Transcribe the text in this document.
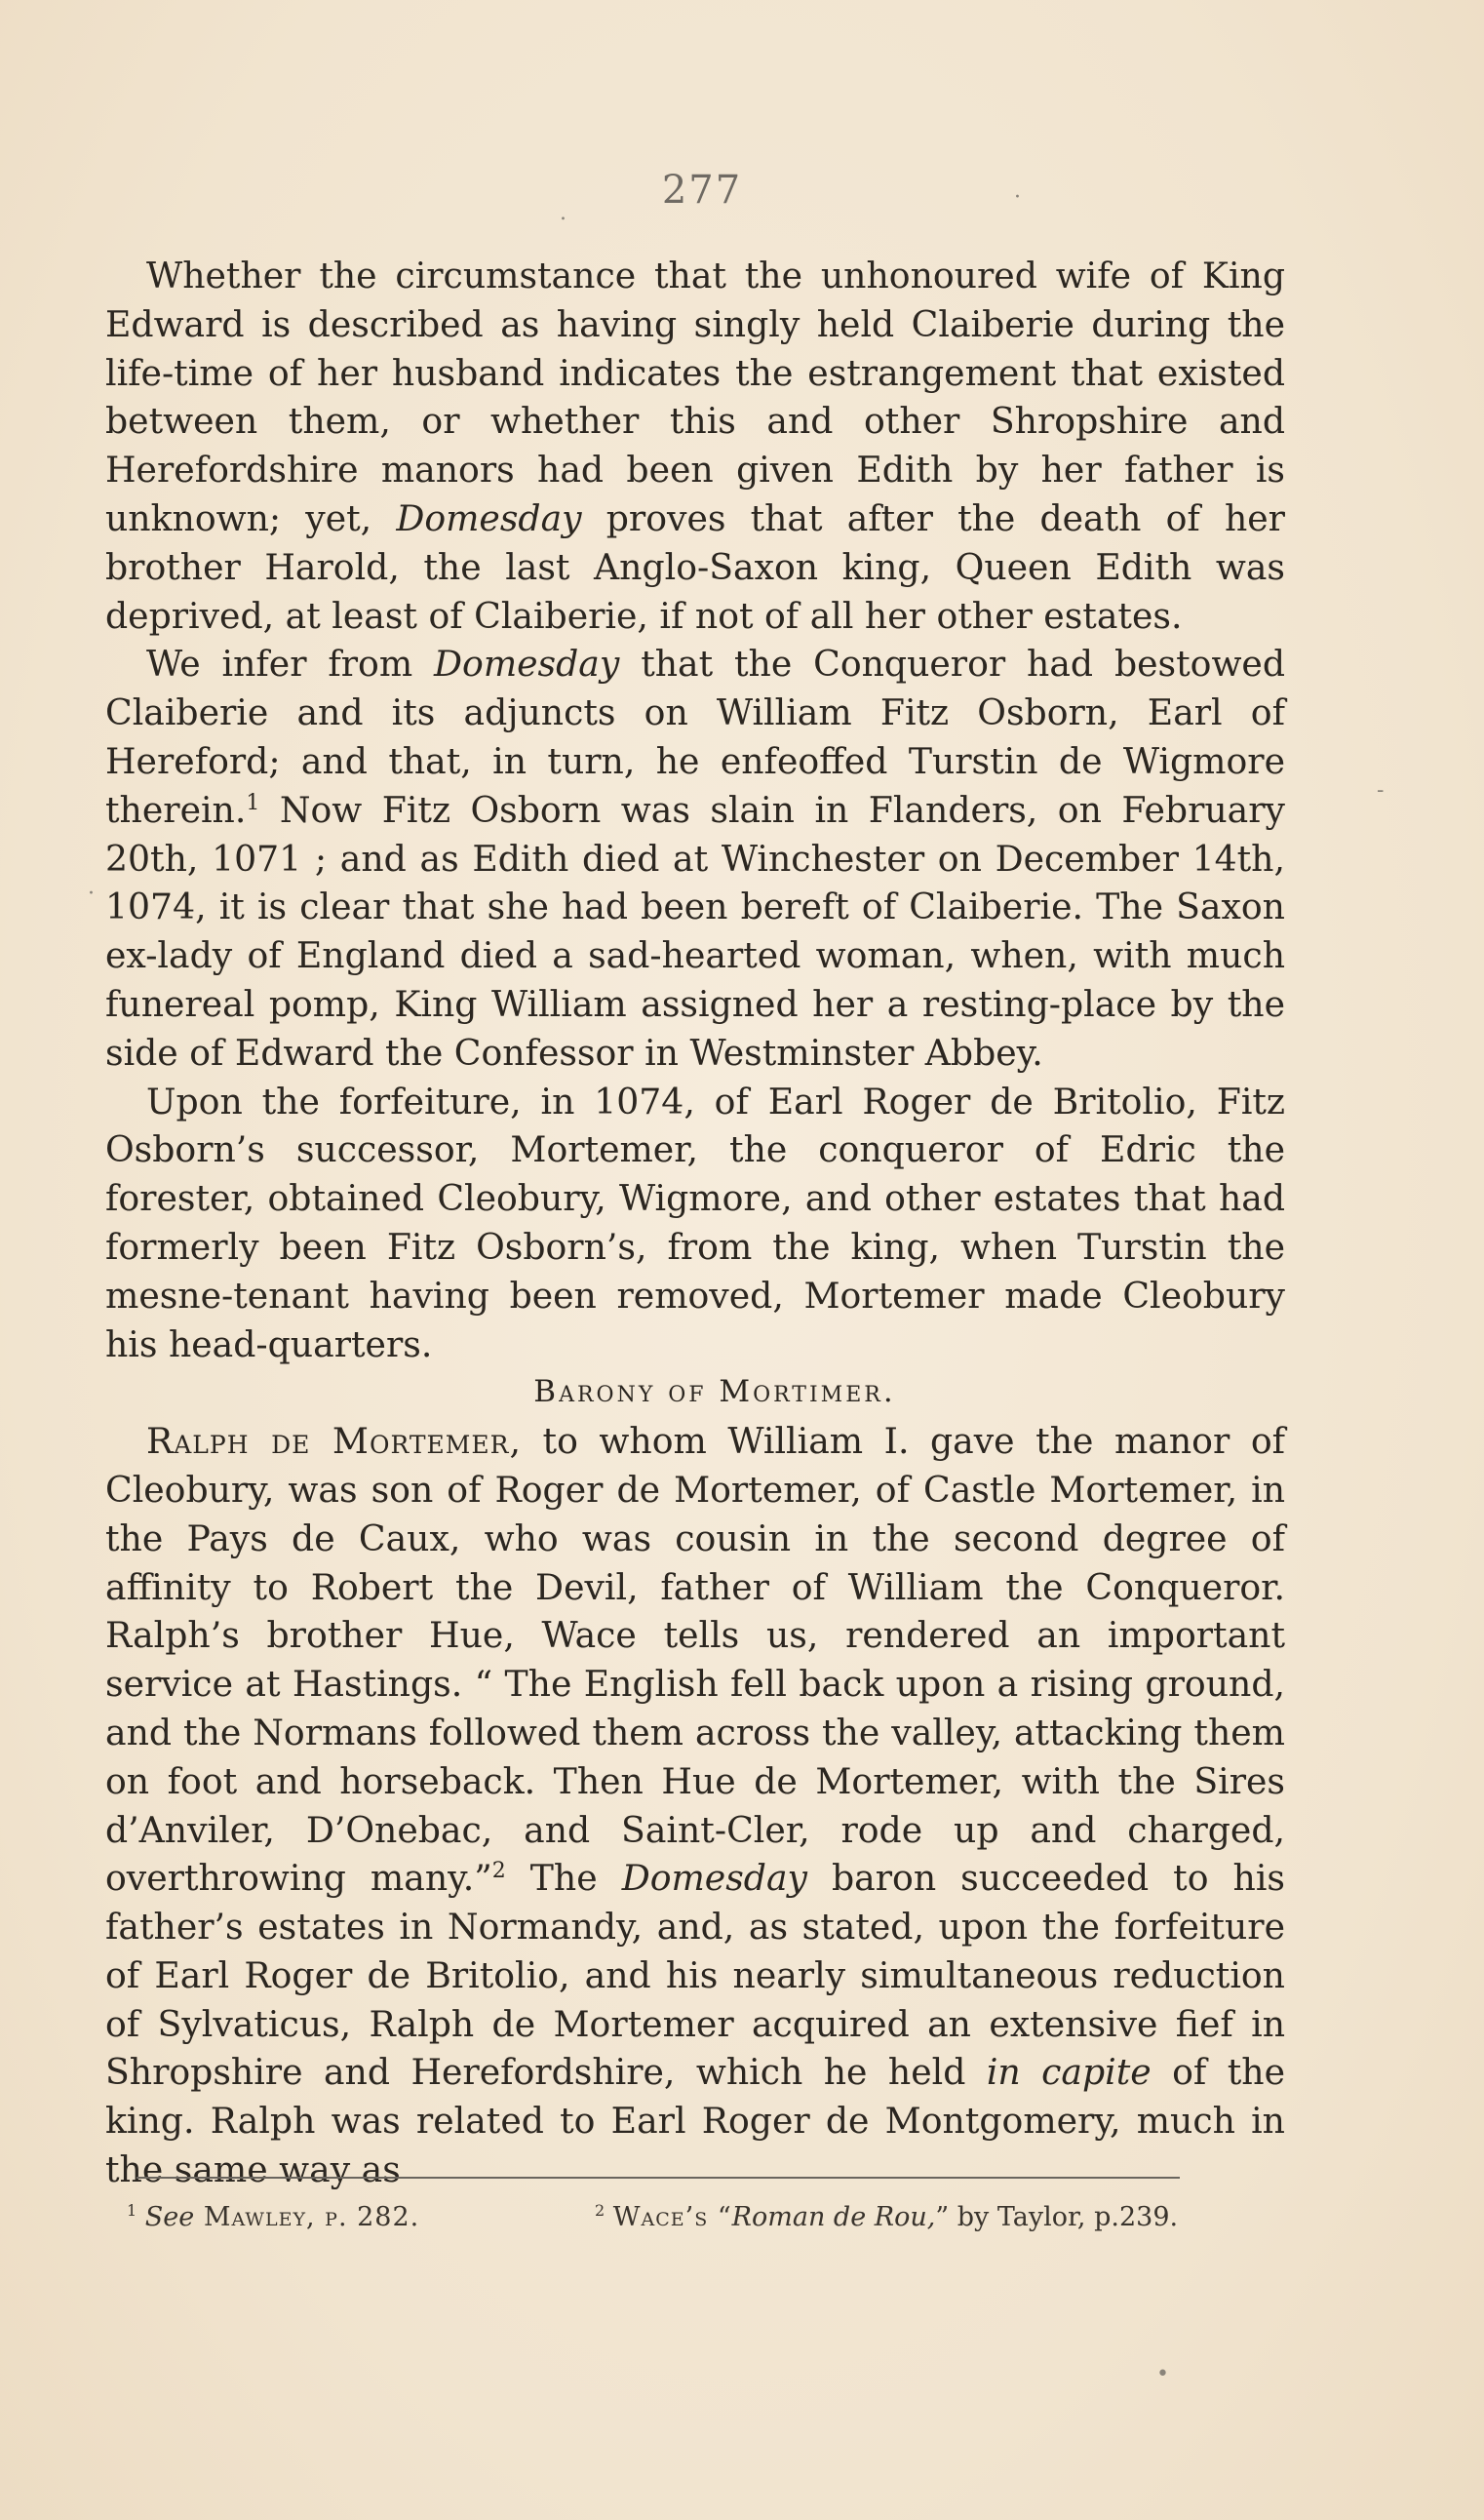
.
·
-
·
•
277

Whether the circumstance that the unhonoured wife of King Edward is described as having singly held Claiberie during the life-time of her husband indicates the estrangement that existed between them, or whether this and other Shropshire and Herefordshire manors had been given Edith by her father is unknown; yet, Domesday proves that after the death of her brother Harold, the last Anglo-Saxon king, Queen Edith was deprived, at least of Claiberie, if not of all her other estates.

We infer from Domesday that the Conqueror had bestowed Claiberie and its adjuncts on William Fitz Osborn, Earl of Hereford; and that, in turn, he enfeoffed Turstin de Wigmore therein.$^1$ Now Fitz Osborn was slain in Flanders, on February 20th, 1071 ; and as Edith died at Winchester on December 14th, 1074, it is clear that she had been bereft of Claiberie. The Saxon ex-lady of England died a sad-hearted woman, when, with much funereal pomp, King William assigned her a resting-place by the side of Edward the Confessor in Westminster Abbey.

Upon the forfeiture, in 1074, of Earl Roger de Britolio, Fitz Osborn’s successor, Mortemer, the conqueror of Edric the forester, obtained Cleobury, Wigmore, and other estates that had formerly been Fitz Osborn’s, from the king, when Turstin the mesne-tenant having been removed, Mortemer made Cleobury his head-quarters.

Barony of Mortimer.

Ralph de Mortemer, to whom William I. gave the manor of Cleobury, was son of Roger de Mortemer, of Castle Mortemer, in the Pays de Caux, who was cousin in the second degree of affinity to Robert the Devil, father of William the Conqueror. Ralph’s brother Hue, Wace tells us, rendered an important service at Hastings. “ The English fell back upon a rising ground, and the Normans followed them across the valley, attacking them on foot and horseback. Then Hue de Mortemer, with the Sires d’Anviler, D’Onebac, and Saint-Cler, rode up and charged, overthrowing many.”$^2$ The Domesday baron succeeded to his father’s estates in Normandy, and, as stated, upon the forfeiture of Earl Roger de Britolio, and his nearly simultaneous reduction of Sylvaticus, Ralph de Mortemer acquired an extensive fief in Shropshire and Herefordshire, which he held in capite of the king. Ralph was related to Earl Roger de Montgomery, much in the same way as

$^1$ See Mawley, p. 282.	$^2$ Wace’s “Roman de Rou,” by Taylor, p.239.
